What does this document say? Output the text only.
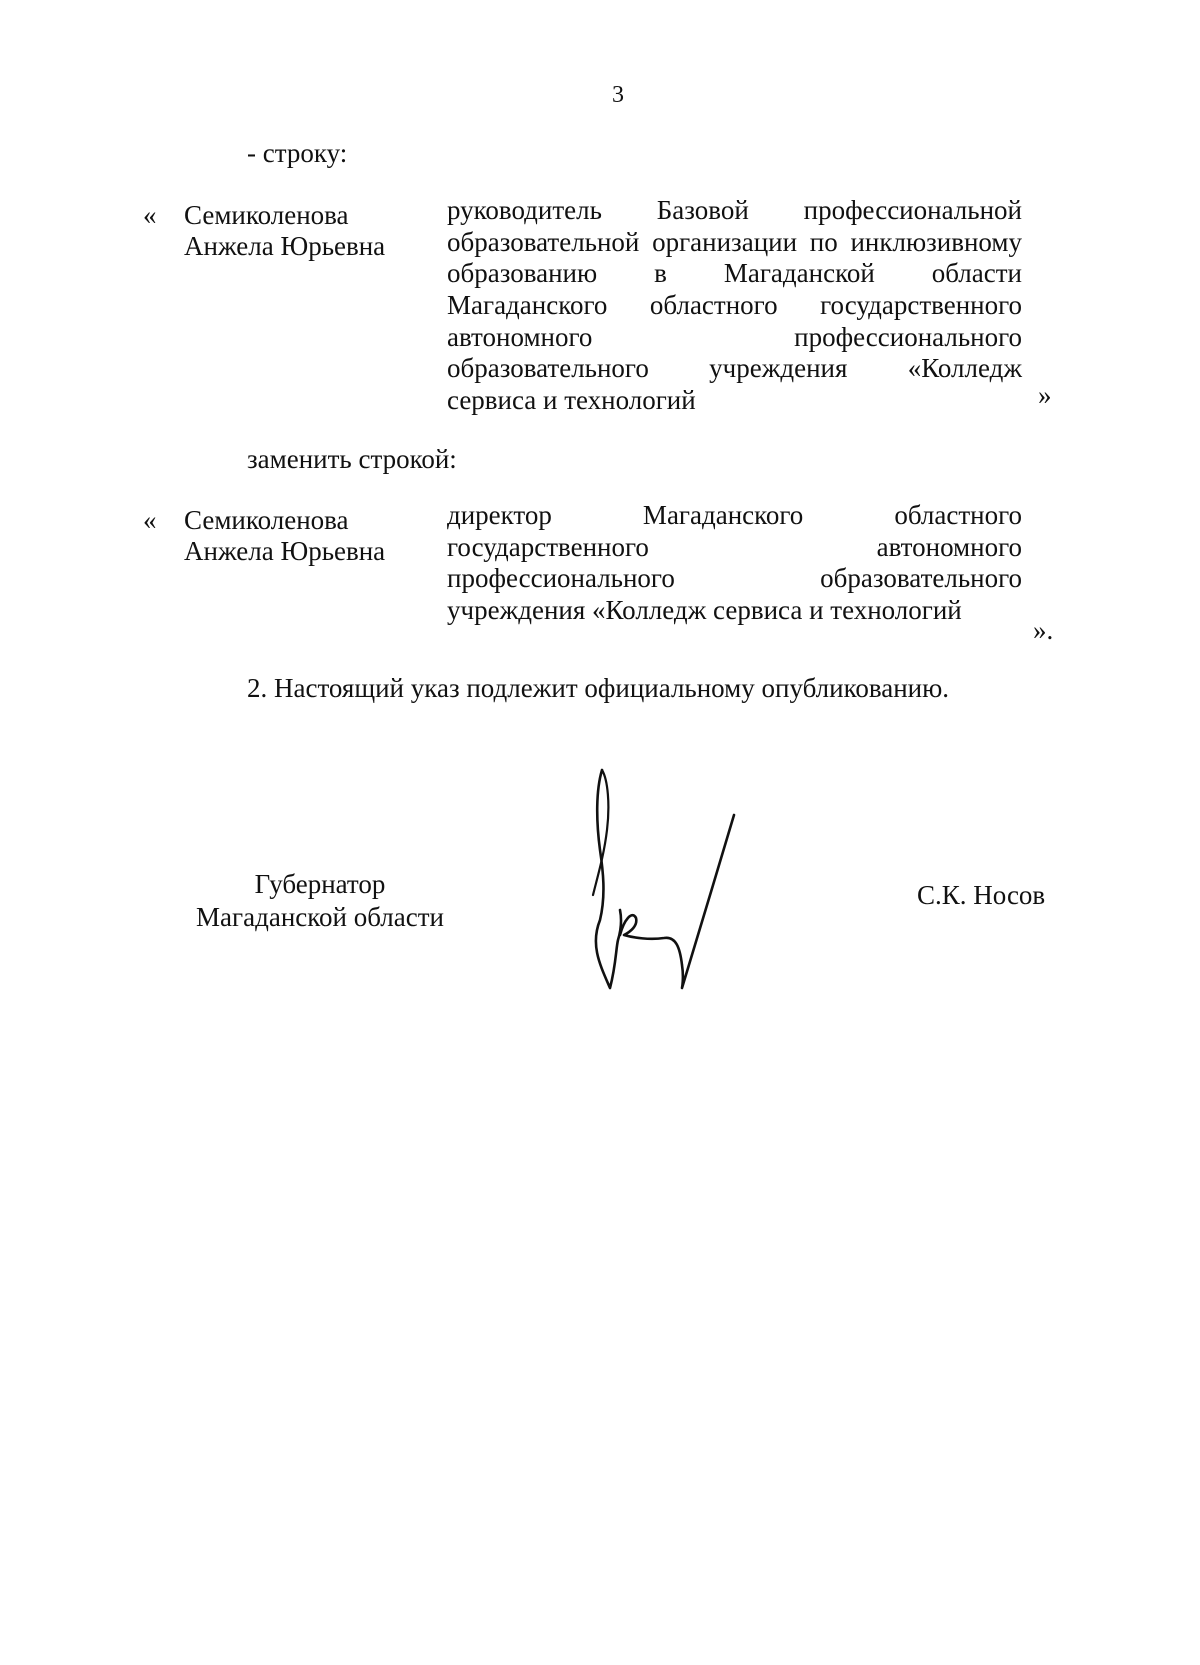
3
- строку:
« Семиколенова
Анжела Юрьевна
руководитель Базовой профессиональной
образовательной организации по инклюзивному
образованию в Магаданской области
Магаданского областного государственного
автономного профессионального
образовательного учреждения «Колледж
сервиса и технологий	»
заменить строкой:
« Семиколенова
Анжела Юрьевна
директор Магаданского областного
государственного автономного
профессионального образовательного
учреждения «Колледж сервиса и технологий
».
2. Настоящий указ подлежит официальному опубликованию.
Губернатор
Магаданской области
С.К. Носов
